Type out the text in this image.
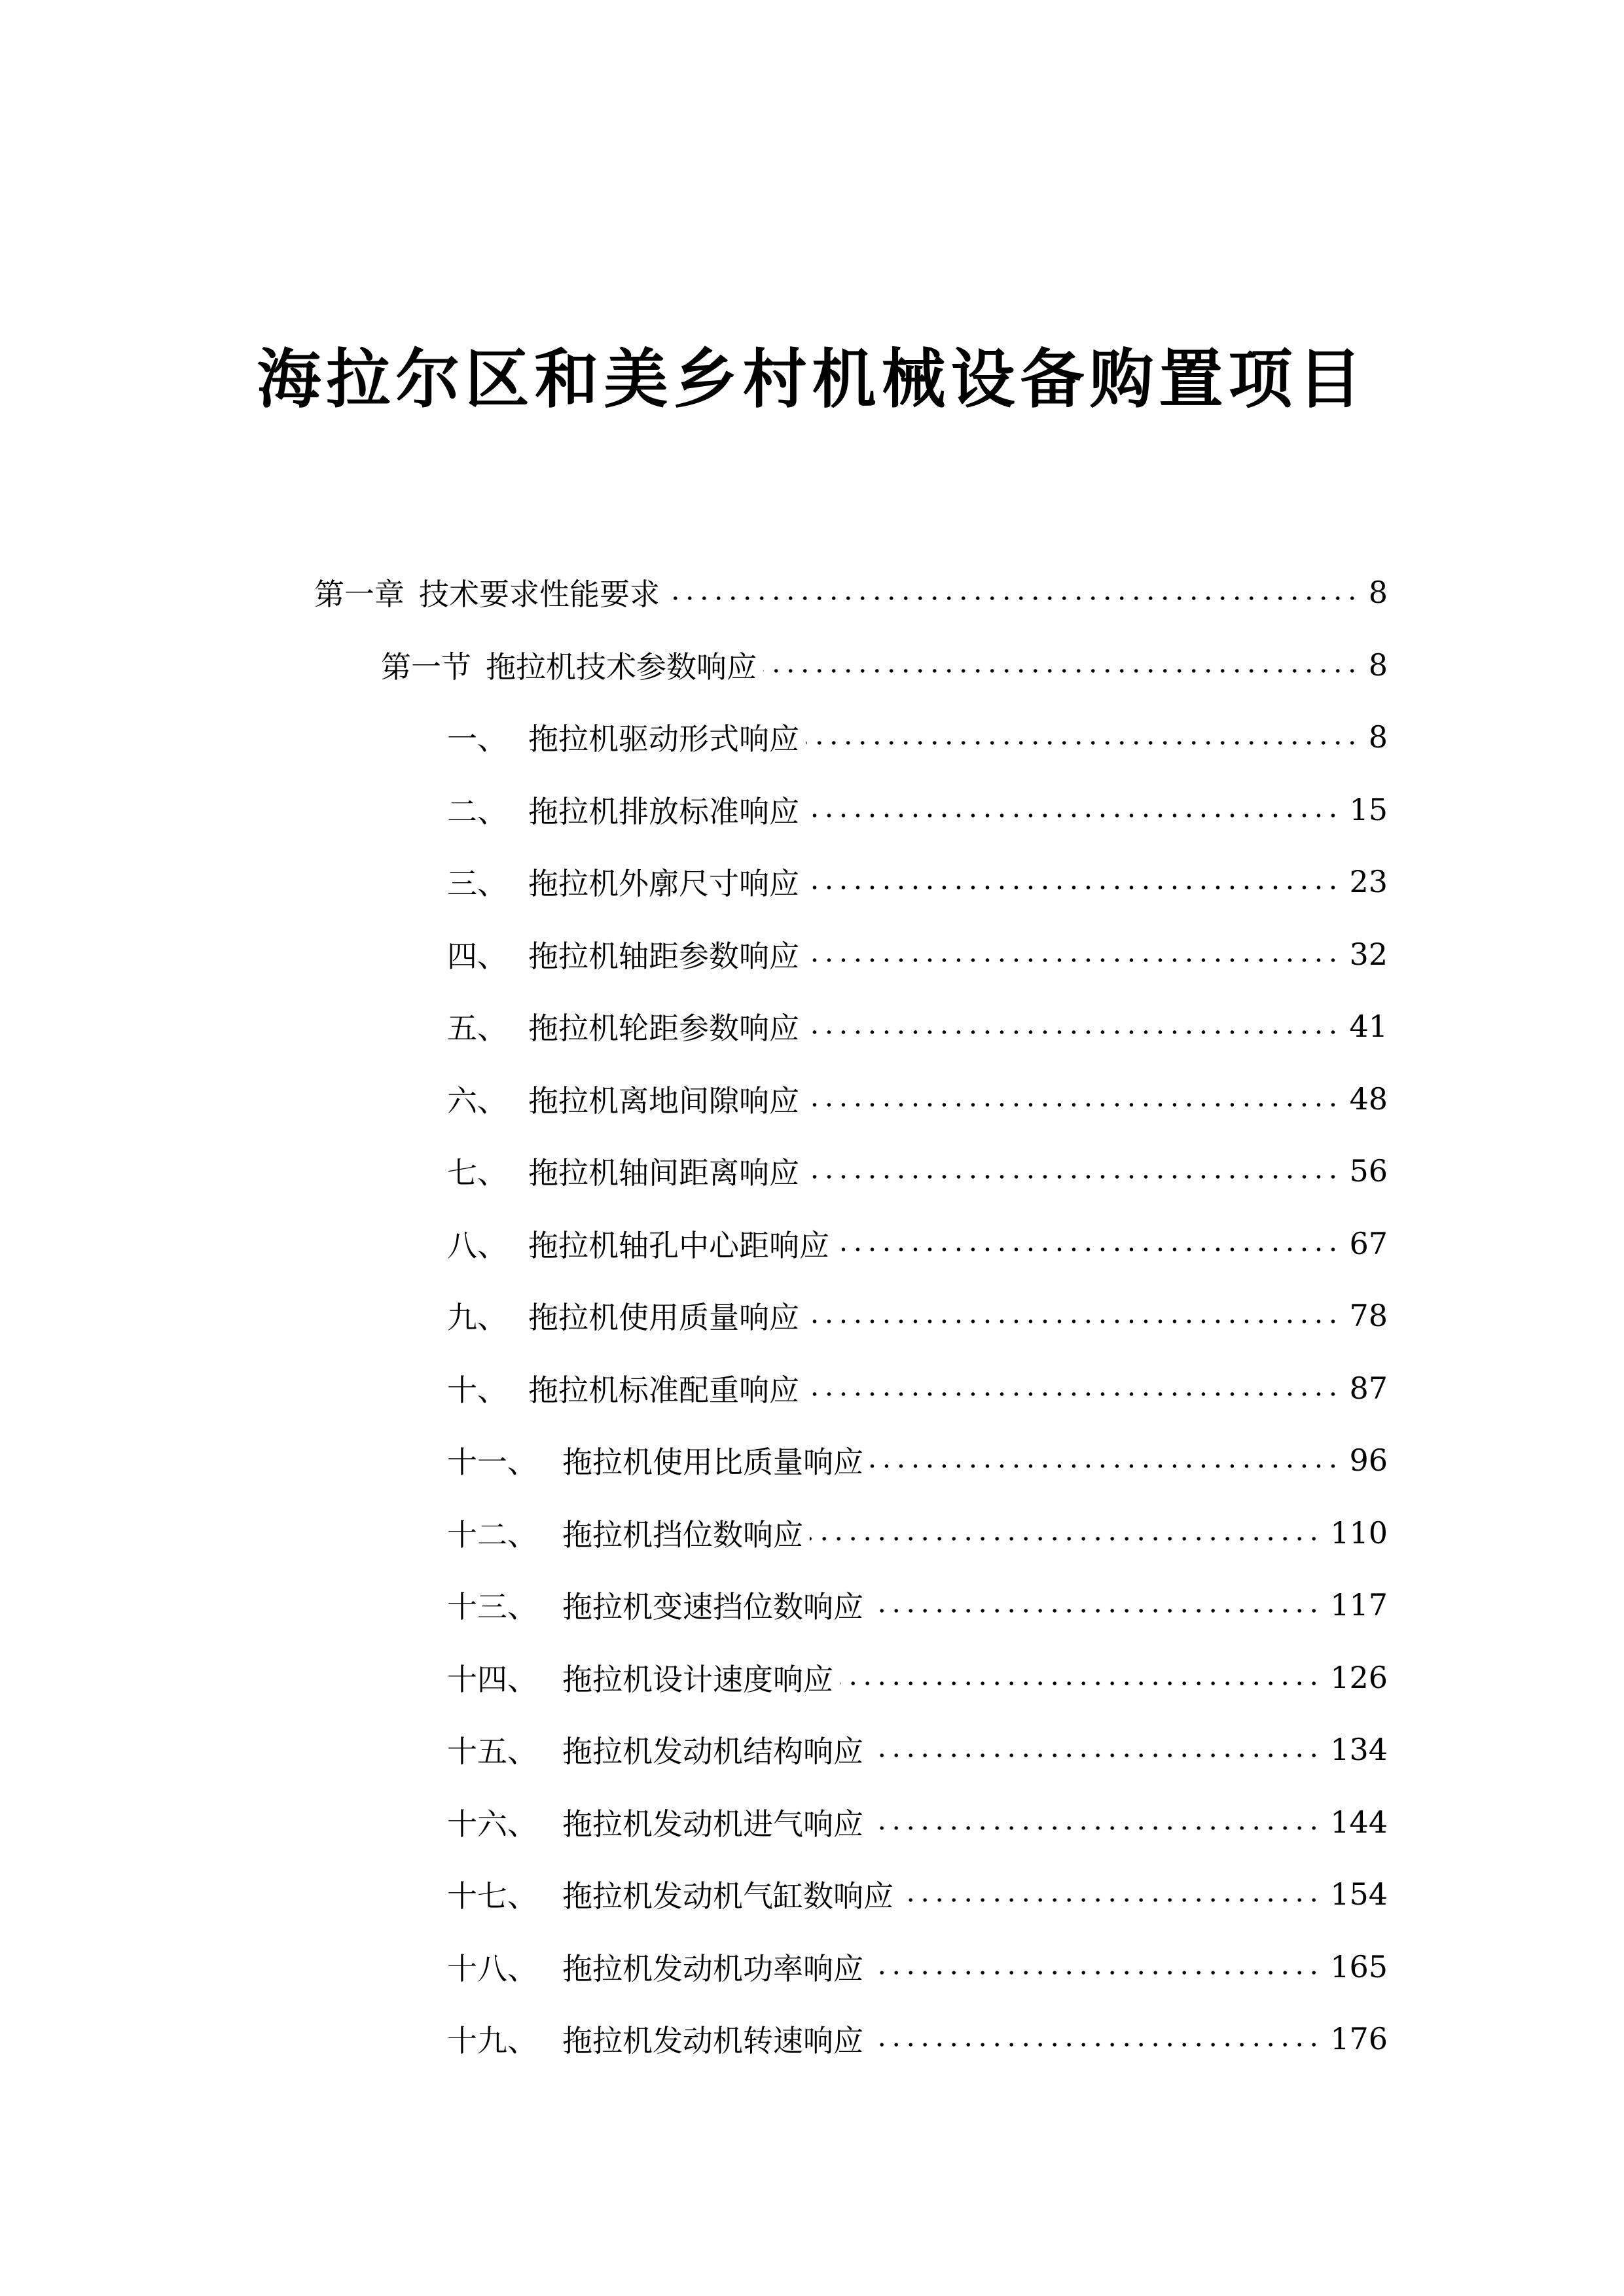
海拉尔区和美乡村机械设备购置项目
第一章 技术要求性能要求	8
第一节 拖拉机技术参数响应	8
一、 拖拉机驱动形式响应	8
二、 拖拉机排放标准响应	15
三、 拖拉机外廓尺寸响应	23
四、 拖拉机轴距参数响应	32
五、 拖拉机轮距参数响应	41
六、 拖拉机离地间隙响应	48
七、 拖拉机轴间距离响应	56
八、 拖拉机轴孔中心距响应	67
九、 拖拉机使用质量响应	78
十、 拖拉机标准配重响应	87
十一、 拖拉机使用比质量响应	96
十二、 拖拉机挡位数响应	110
十三、 拖拉机变速挡位数响应	117
十四、 拖拉机设计速度响应	126
十五、 拖拉机发动机结构响应	134
十六、 拖拉机发动机进气响应	144
十七、 拖拉机发动机气缸数响应	154
十八、 拖拉机发动机功率响应	165
十九、 拖拉机发动机转速响应	176
